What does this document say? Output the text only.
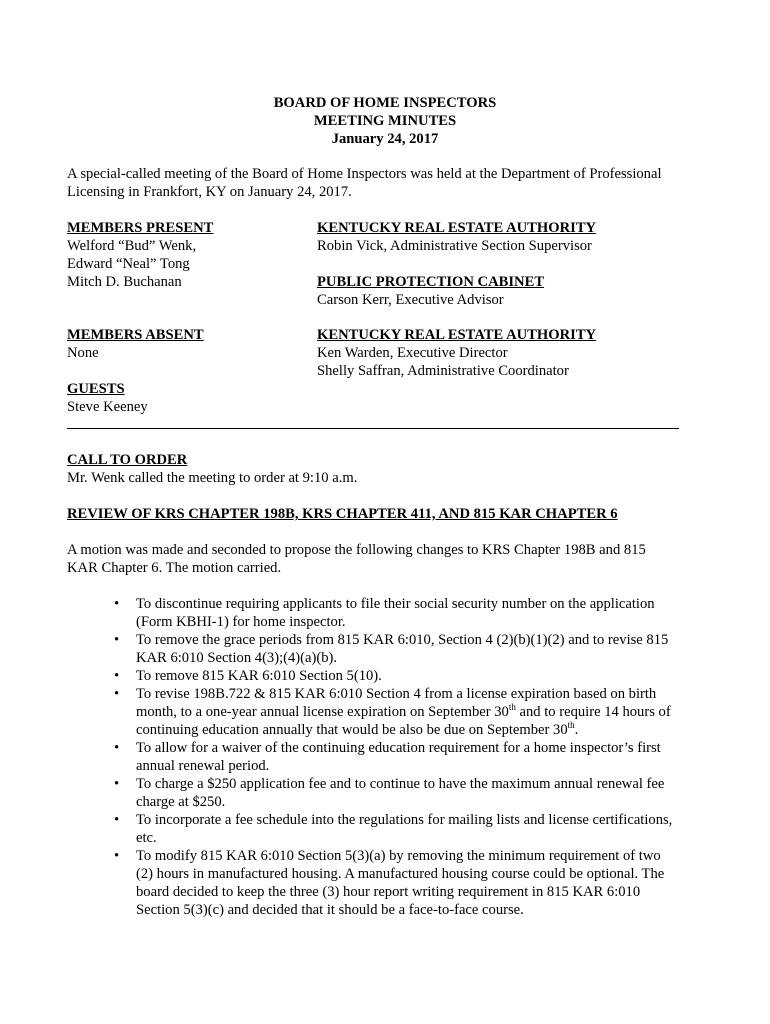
BOARD OF HOME INSPECTORS
MEETING MINUTES
January 24, 2017
A special-called meeting of the Board of Home Inspectors was held at the Department of Professional
Licensing in Frankfort, KY on January 24, 2017.
MEMBERS PRESENT
Welford “Bud” Wenk,
Edward “Neal” Tong
Mitch D. Buchanan
KENTUCKY REAL ESTATE AUTHORITY
Robin Vick, Administrative Section Supervisor
PUBLIC PROTECTION CABINET
Carson Kerr, Executive Advisor
MEMBERS ABSENT
None
KENTUCKY REAL ESTATE AUTHORITY
Ken Warden, Executive Director
Shelly Saffran, Administrative Coordinator
GUESTS
Steve Keeney
CALL TO ORDER
Mr. Wenk called the meeting to order at 9:10 a.m.
REVIEW OF KRS CHAPTER 198B, KRS CHAPTER 411, AND 815 KAR CHAPTER 6
A motion was made and seconded to propose the following changes to KRS Chapter 198B and 815
KAR Chapter 6. The motion carried.
• To discontinue requiring applicants to file their social security number on the application
(Form KBHI-1) for home inspector.
• To remove the grace periods from 815 KAR 6:010, Section 4 (2)(b)(1)(2) and to revise 815
KAR 6:010 Section 4(3);(4)(a)(b).
• To remove 815 KAR 6:010 Section 5(10).
• To revise 198B.722 & 815 KAR 6:010 Section 4 from a license expiration based on birth
month, to a one-year annual license expiration on September 30th and to require 14 hours of
continuing education annually that would be also be due on September 30th.
• To allow for a waiver of the continuing education requirement for a home inspector’s first
annual renewal period.
• To charge a $250 application fee and to continue to have the maximum annual renewal fee
charge at $250.
• To incorporate a fee schedule into the regulations for mailing lists and license certifications,
etc.
• To modify 815 KAR 6:010 Section 5(3)(a) by removing the minimum requirement of two
(2) hours in manufactured housing. A manufactured housing course could be optional. The
board decided to keep the three (3) hour report writing requirement in 815 KAR 6:010
Section 5(3)(c) and decided that it should be a face-to-face course.
